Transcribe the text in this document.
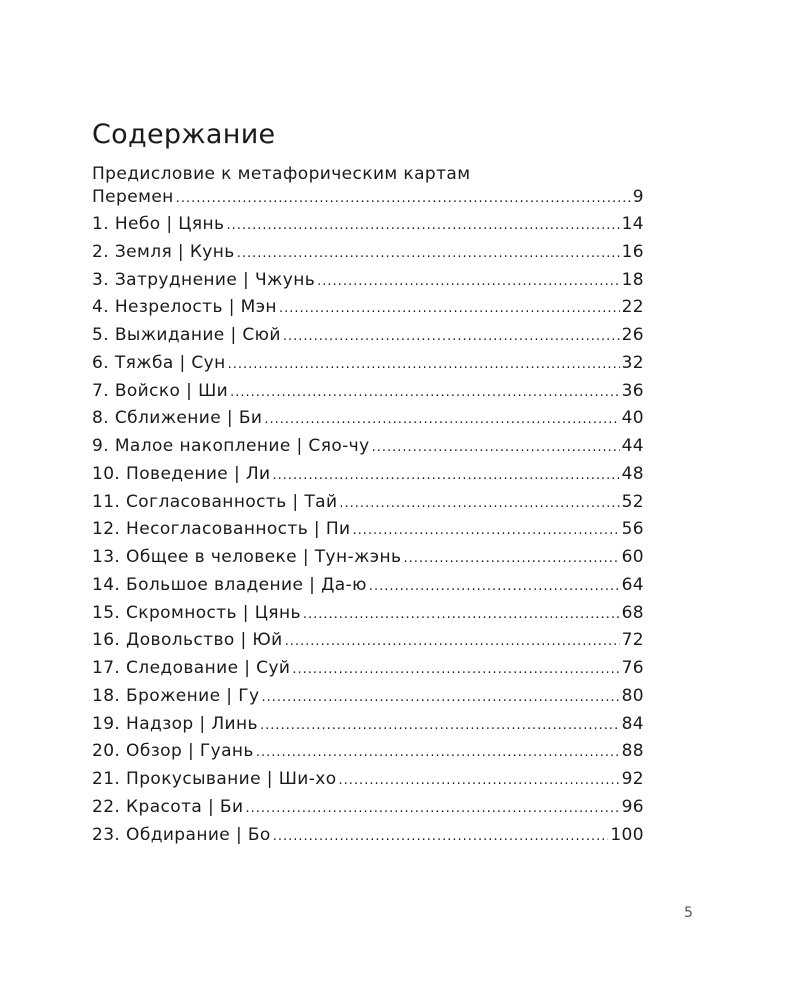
Содержание
Предисловие к метафорическим картам
Перемен .....	9
1. Небо | Цянь .....	14
2. Земля | Кунь .....	16
3. Затруднение | Чжунь .....	18
4. Незрелость | Мэн .....	22
5. Выжидание | Сюй .....	26
6. Тяжба | Сун .....	32
7. Войско | Ши .....	36
8. Сближение | Би .....	40
9. Малое накопление | Сяо-чу .....	44
10. Поведение | Ли .....	48
11. Согласованность | Тай .....	52
12. Несогласованность | Пи .....	56
13. Общее в человеке | Тун-жэнь .....	60
14. Большое владение | Да-ю .....	64
15. Скромность | Цянь .....	68
16. Довольство | Юй .....	72
17. Следование | Суй .....	76
18. Брожение | Гу .....	80
19. Надзор | Линь .....	84
20. Обзор | Гуань .....	88
21. Прокусывание | Ши-хо .....	92
22. Красота | Би .....	96
23. Обдирание | Бо .....	100
5
